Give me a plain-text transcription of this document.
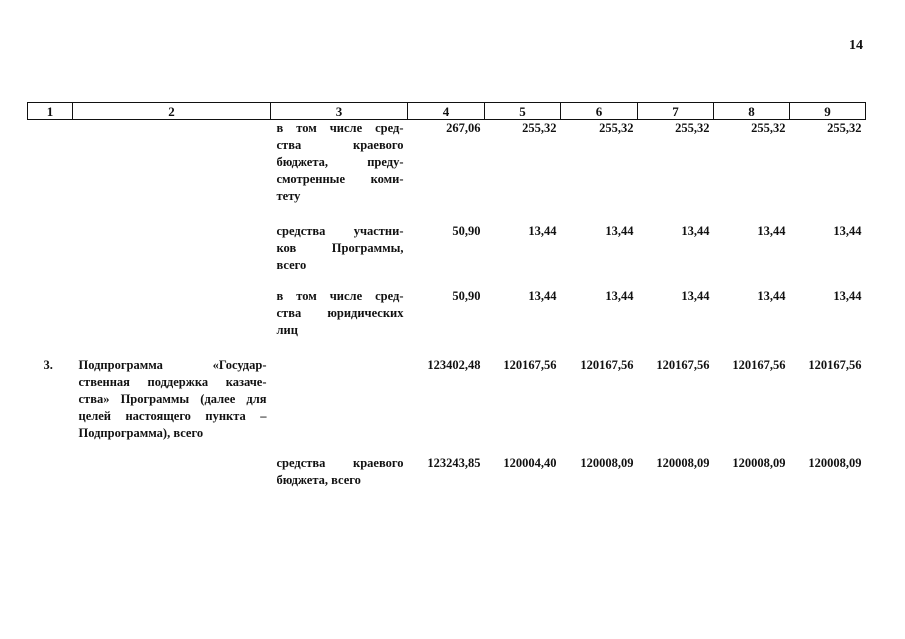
14
1	2	3	4	5	6	7	8	9

		в том числе сред-
ства краевого
бюджета, преду-
смотренные коми-
тету	267,06	255,32	255,32	255,32	255,32	255,32

		средства участни-
ков Программы,
всего	50,90	13,44	13,44	13,44	13,44	13,44

		в том числе сред-
ства юридических
лиц	50,90	13,44	13,44	13,44	13,44	13,44
3.	Подпрограмма «Государ-
ственная поддержка казаче-
ства» Программы (далее для
целей настоящего пункта –
Подпрограмма), всего		123402,48	120167,56	120167,56	120167,56	120167,56	120167,56

		средства краевого
бюджета, всего	123243,85	120004,40	120008,09	120008,09	120008,09	120008,09
